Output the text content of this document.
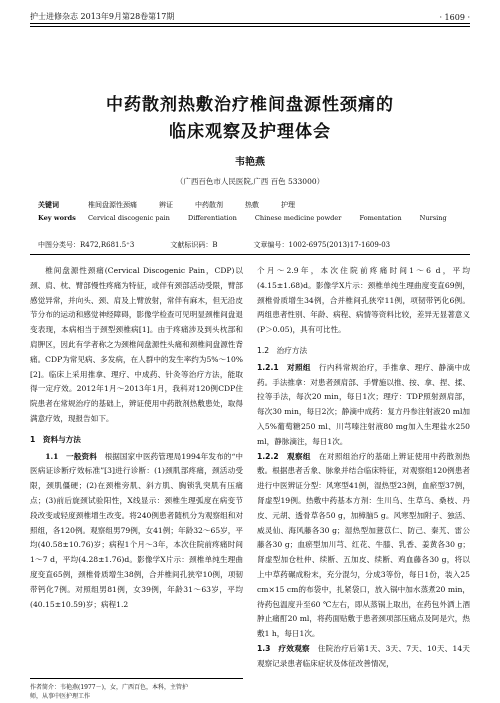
护士进修杂志 2013年9月第28卷第17期	· 1609 ·
中药散剂热敷治疗椎间盘源性颈痛的
临床观察及护理体会
韦艳燕
（广西百色市人民医院,广西 百色 533000）
关键词	椎间盘源性颈痛	辨证	中药散剂	热敷	护理
Key words	Cervical discogenic pain	Differentiation	Chinese medicine powder	Fomentation	Nursing
中图分类号：R472,R681.5⁺3	文献标识码：B	文章编号：1002-6975(2013)17-1609-03

椎间盘源性颈痛(Cervical Discogenic Pain，CDP)以颈、肩、枕、臂部慢性疼痛为特征，或伴有颈部活动受限，臂部感觉异常，并向头、颈、肩及上臂放射，常伴有麻木，但无沿皮节分布的运动和感觉神经障碍，影像学检查可见明显颈椎间盘退变表现，本病相当于颈型颈椎病[1]。由于疼痛涉及到头枕部和肩胛区，因此有学者称之为颈椎间盘源性头痛和颈椎间盘源性背痛。CDP为常见病、多发病，在人群中的发生率约为5%～10%[2]。临床上采用推拿、理疗、中成药、针灸等治疗方法，能取得一定疗效。2012年1月～2013年1月，我科对120例CDP住院患者在常规治疗的基础上，辨证使用中药散剂热敷患处，取得满意疗效，现报告如下。

1　资料与方法

1.1　一般资料　 根据国家中医药管理局1994年发布的“中医病证诊断疗效标准”[3]进行诊断：(1)颈肌部疼痛，颈活动受限，颈肌僵硬；(2)在颈椎旁肌、斜方肌、胸锁乳突肌有压痛点；(3)前后旋颈试验阳性，X线显示：颈椎生理弧度在病变节段改变或轻度颈椎增生改变。将240例患者随机分为观察组和对照组，各120例。观察组男79例，女41例；年龄32～65岁，平均(40.58±10.76)岁；病程1个月～3年，本次住院前疼痛时间1～7 d，平均(4.28±1.76)d。影像学X片示：颈椎单纯生理曲度变直65例，颈椎骨质增生38例，合并椎间孔狭窄10例，项韧带钙化7例。对照组男81例，女39例，年龄31～63岁，平均(40.15±10.59)岁；病程1.2

个月～2.9年，本次住院前疼痛时间1～6 d，平均(4.15±1.68)d。影像学X片示：颈椎单纯生理曲度变直69例，颈椎骨质增生34例，合并椎间孔狭窄11例，项韧带钙化6例。两组患者性别、年龄、病程、病情等资料比较，差异无显著意义(P＞0.05)，具有可比性。

1.2　治疗方法

1.2.1　对照组　 行内科常规治疗，手推拿、理疗、静滴中成药。手法推拿：对患者颈肩部、手臂施以推、按、拿、捏、揉、拉等手法，每次20 min，每日1次；理疗：TDP照射颈肩部，每次30 min，每日2次；静滴中成药：复方丹参注射液20 ml加入5%葡萄糖250 ml、川芎嗪注射液80 mg加入生理盐水250 ml，静脉滴注，每日1次。

1.2.2　观察组　 在对照组治疗的基础上辨证使用中药散剂热敷。根据患者舌象、脉象并结合临床特征，对观察组120例患者进行中医辨证分型：风寒型41例，湿热型23例，血瘀型37例，肾虚型19例。热敷中药基本方剂：生川乌、生草乌、桑枝、丹皮、元胡、透骨草各50 g，加樟脑5 g。风寒型加附子、独活、威灵仙、海风藤各30 g；湿热型加薏苡仁、防己、秦艽、雷公藤各30 g；血瘀型加川芎、红花、牛膝、乳香、姜黄各30 g；肾虚型加仓杜仲、续断、五加皮、续断、鸡血藤各30 g，将以上中草药碾成粉末，充分混匀，分成3等份，每日1份，装入25 cm×15 cm的布袋中，扎紧袋口，放入锅中加水蒸煮20 min，待药包温度升至60 ℃左右，即从蒸锅上取出，在药包外洒上酒肿止痛酊20 ml，将药面贴敷于患者颈项部压痛点及阿是穴，热敷1 h，每日1次。

1.3　疗效观察　 住院治疗后第1天、3天、7天、10天、14天观察记录患者临床症状及体征改善情况，

作者简介：韦艳燕(1977－)，女，广西百色，本科，主管护
师，从事中医护理工作
